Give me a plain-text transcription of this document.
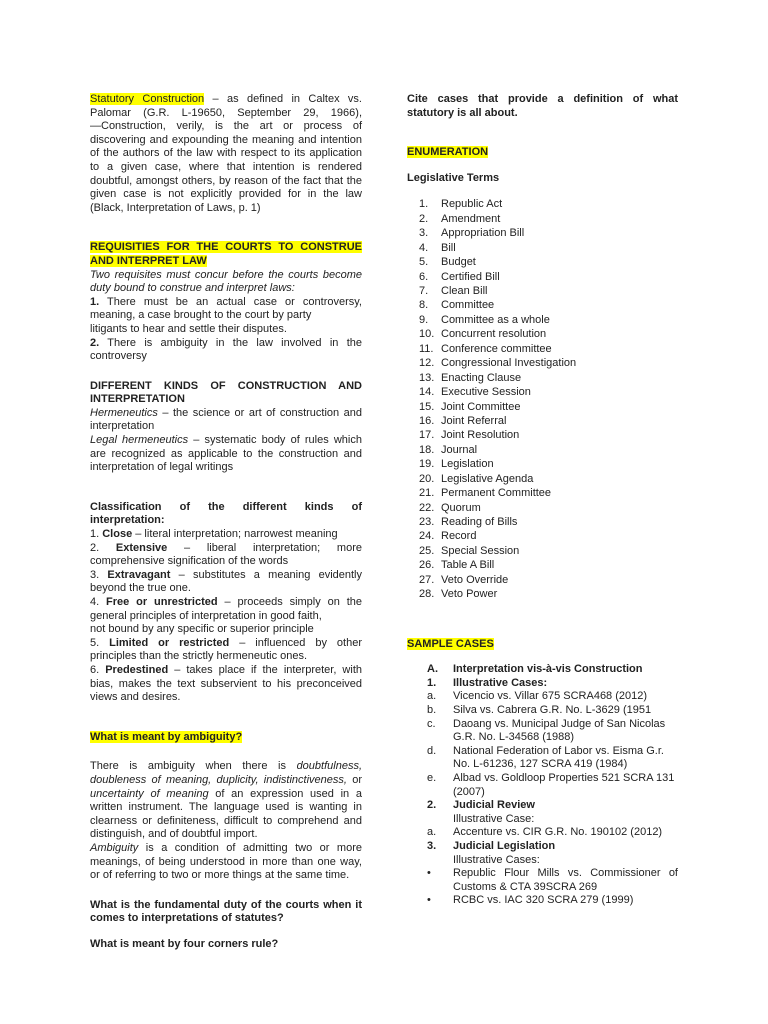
Statutory Construction – as defined in Caltex vs. Palomar (G.R. L-19650, September 29, 1966), ―Construction, verily, is the art or process of discovering and expounding the meaning and intention of the authors of the law with respect to its application to a given case, where that intention is rendered doubtful, amongst others, by reason of the fact that the given case is not explicitly provided for in the law (Black, Interpretation of Laws, p. 1)
REQUISITIES FOR THE COURTS TO CONSTRUE AND INTERPRET LAW
Two requisites must concur before the courts become duty bound to construe and interpret laws:
1. There must be an actual case or controversy, meaning, a case brought to the court by party
litigants to hear and settle their disputes.
2. There is ambiguity in the law involved in the controversy
DIFFERENT KINDS OF CONSTRUCTION AND INTERPRETATION
Hermeneutics – the science or art of construction and interpretation
Legal hermeneutics – systematic body of rules which are recognized as applicable to the construction and interpretation of legal writings
Classification of the different kinds of interpretation:
1. Close – literal interpretation; narrowest meaning
2. Extensive – liberal interpretation; more comprehensive signification of the words
3. Extravagant – substitutes a meaning evidently beyond the true one.
4. Free or unrestricted – proceeds simply on the general principles of interpretation in good faith,
not bound by any specific or superior principle
5. Limited or restricted – influenced by other principles than the strictly hermeneutic ones.
6. Predestined – takes place if the interpreter, with bias, makes the text subservient to his preconceived views and desires.
What is meant by ambiguity?
There is ambiguity when there is doubtfulness, doubleness of meaning, duplicity, indistinctiveness, or uncertainty of meaning of an expression used in a written instrument. The language used is wanting in clearness or definiteness, difficult to comprehend and distinguish, and of doubtful import.
Ambiguity is a condition of admitting two or more meanings, of being understood in more than one way, or of referring to two or more things at the same time.
What is the fundamental duty of the courts when it comes to interpretations of statutes?
What is meant by four corners rule?
Cite cases that provide a definition of what statutory is all about.
ENUMERATION
Legislative Terms
1. Republic Act
2. Amendment
3. Appropriation Bill
4. Bill
5. Budget
6. Certified Bill
7. Clean Bill
8. Committee
9. Committee as a whole
10. Concurrent resolution
11. Conference committee
12. Congressional Investigation
13. Enacting Clause
14. Executive Session
15. Joint Committee
16. Joint Referral
17. Joint Resolution
18. Journal
19. Legislation
20. Legislative Agenda
21. Permanent Committee
22. Quorum
23. Reading of Bills
24. Record
25. Special Session
26. Table A Bill
27. Veto Override
28. Veto Power
SAMPLE CASES
A. Interpretation vis-à-vis Construction
1. Illustrative Cases:
a. Vicencio vs. Villar 675 SCRA468 (2012)
b. Silva vs. Cabrera G.R. No. L-3629 (1951
c. Daoang vs. Municipal Judge of San Nicolas G.R. No. L-34568 (1988)
d. National Federation of Labor vs. Eisma G.r. No. L-61236, 127 SCRA 419 (1984)
e. Albad vs. Goldloop Properties 521 SCRA 131 (2007)
2. Judicial Review
Illustrative Case:
a. Accenture vs. CIR G.R. No. 190102 (2012)
3. Judicial Legislation
Illustrative Cases:
• Republic Flour Mills vs. Commissioner of Customs & CTA 39SCRA 269
• RCBC vs. IAC 320 SCRA 279 (1999)
